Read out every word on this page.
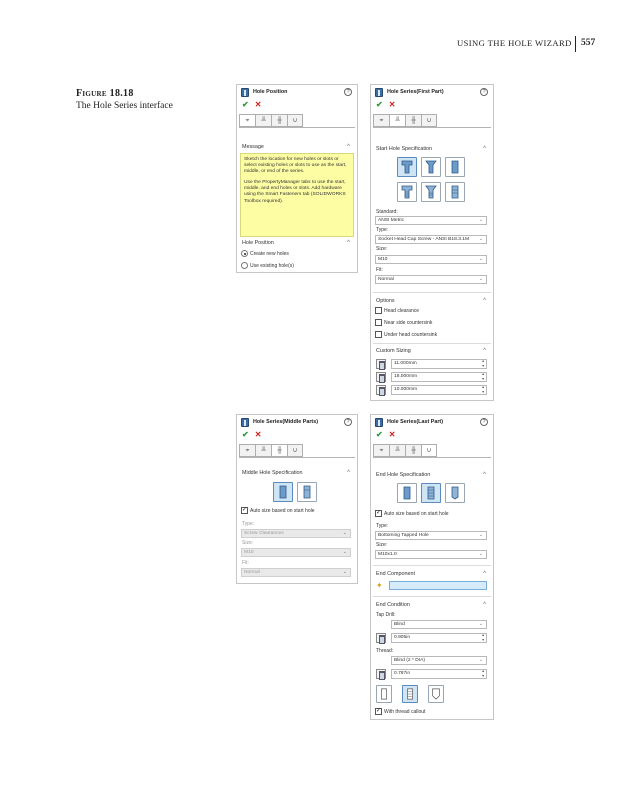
USING THE HOLE WIZARD 557
Figure 18.18
The Hole Series interface
Hole Position	?
✔ ✕
⌖	╨	╫	∪
Message	^

Sketch the location for new holes or slots or select existing holes or slots to use as the start, middle, or end of the series.

Use the PropertyManager tabs to use the start, middle, and end holes or slots. Add hardware using the Smart Fasteners tab (SOLIDWORKS Toolbox required).

Hole Position	^
Create new holes
Use existing hole(s)
Hole Series(First Part)	?
✔ ✕
⌖	╨	╫	∪
Start Hole Specification	^
Standard:
ANSI Metric	⌄
Type:
Socket Head Cap Screw - ANSI B18.3.1M ⌄
Size:
M10	⌄
Fit:
Normal	⌄
Options	^
Head clearance
Near side countersink
Under head countersink
Custom Sizing	^
11.000mm	▴
▾
18.000mm	▴
▾
10.000mm	▴
▾
Hole Series(Middle Parts)	?
✔ ✕
⌖	╨	╫	∪
Middle Hole Specification	^
✓ Auto size based on start hole
Type:
Screw Clearances	⌄
Size:
M10	⌄
Fit:
Normal	⌄
Hole Series(Last Part)	?
✔ ✕
⌖	╨	╫	∪
End Hole Specification	^
✓ Auto size based on start hole
Type:
Bottoming Tapped Hole	⌄
Size:
M10x1.0	⌄
End Component	^
✦
End Condition	^
Tap Drill:
Blind	⌄
0.905in	▴
▾
Thread:
Blind (2 * DIA)	⌄
0.787in	▴
▾
✓ With thread callout
